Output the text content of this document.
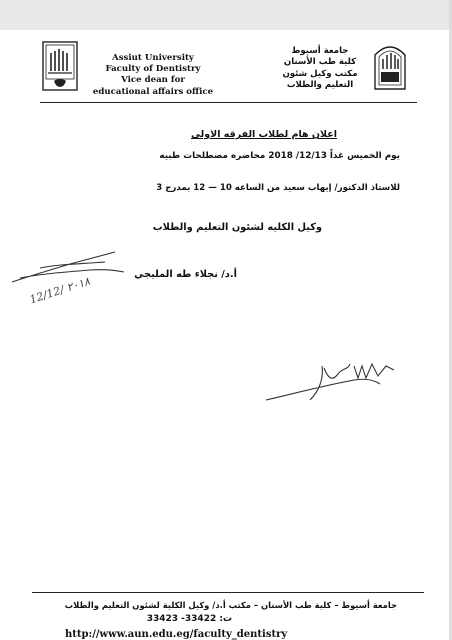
Assiut University
Faculty of Dentistry
Vice dean for
educational affairs office
جامعة أسيوط
كلية طب الأسنان
مكتب وكيل شئون
التعليم والطلاب
اعلان هام لطلاب الفرقه الاولى
يوم الخميس غداً 12/13/ 2018 محاضره مصطلحات طبيه
للاستاذ الدكتور/ إيهاب سعيد من الساعه 10 — 12 بمدرج 3
وكيل الكليه لشئون التعليم والطلاب
أ.د/ نجلاء طه المليجي
12/12/ ٢٠١٨
جامعة أسيوط – كلية طب الأسنان – مكتب أ.د/ وكيل الكلية لشئون التعليم والطلاب
ت: 33422- 33423
http://www.aun.edu.eg/faculty_dentistry
